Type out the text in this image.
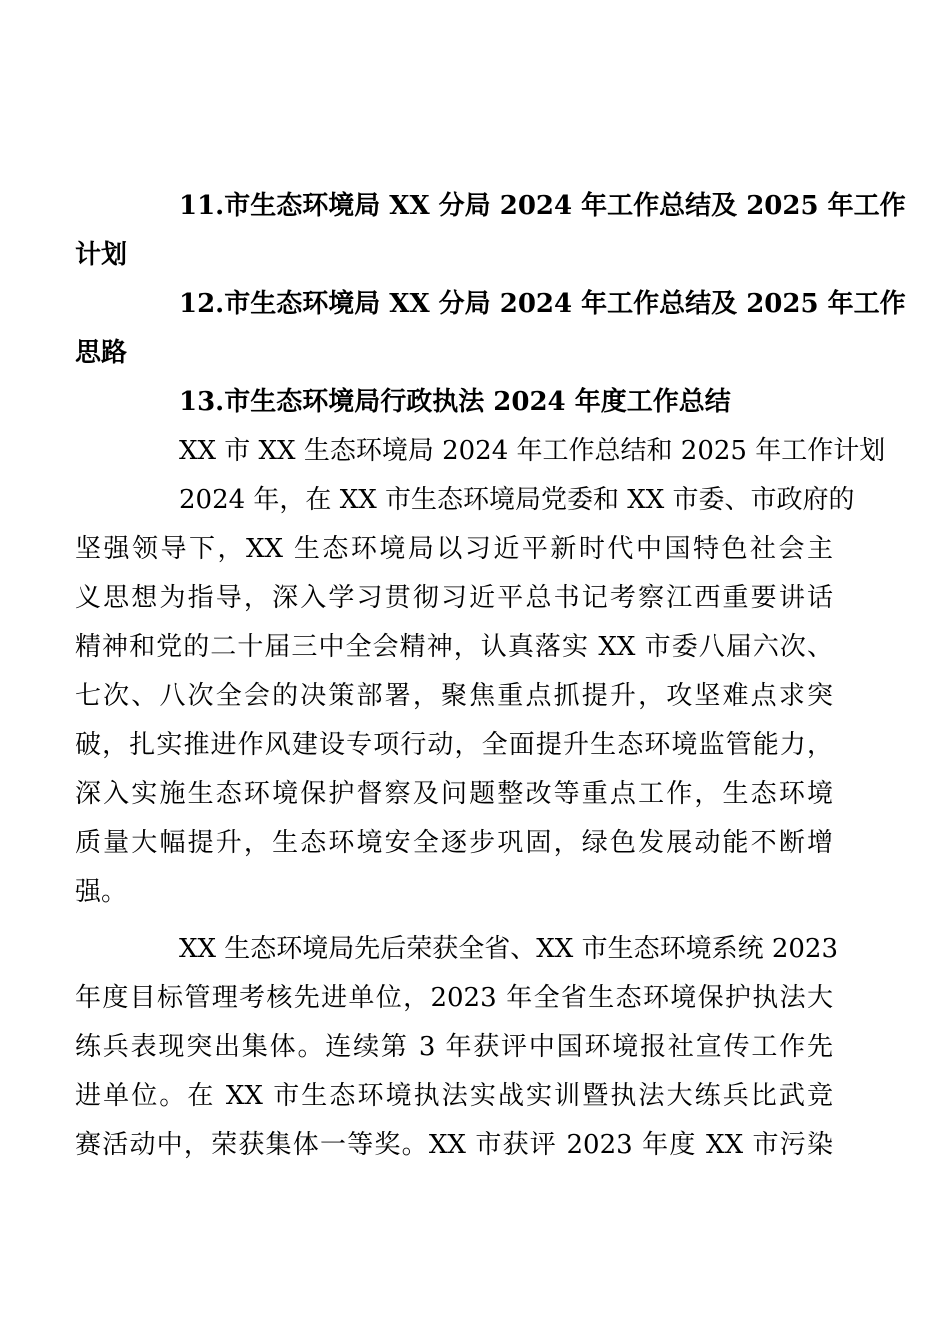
11.市生态环境局 XX 分局 2024 年工作总结及 2025 年工作
计划
12.市生态环境局 XX 分局 2024 年工作总结及 2025 年工作
思路
13.市生态环境局行政执法 2024 年度工作总结
XX 市 XX 生态环境局 2024 年工作总结和 2025 年工作计划
2024 年，在 XX 市生态环境局党委和 XX 市委、市政府的
坚强领导下，XX 生态环境局以习近平新时代中国特色社会主
义思想为指导，深入学习贯彻习近平总书记考察江西重要讲话
精神和党的二十届三中全会精神，认真落实 XX 市委八届六次、
七次、八次全会的决策部署，聚焦重点抓提升，攻坚难点求突
破，扎实推进作风建设专项行动，全面提升生态环境监管能力，
深入实施生态环境保护督察及问题整改等重点工作，生态环境
质量大幅提升，生态环境安全逐步巩固，绿色发展动能不断增
强。
XX 生态环境局先后荣获全省、XX 市生态环境系统 2023
年度目标管理考核先进单位，2023 年全省生态环境保护执法大
练兵表现突出集体。连续第 3 年获评中国环境报社宣传工作先
进单位。在 XX 市生态环境执法实战实训暨执法大练兵比武竞
赛活动中，荣获集体一等奖。XX 市获评 2023 年度 XX 市污染
